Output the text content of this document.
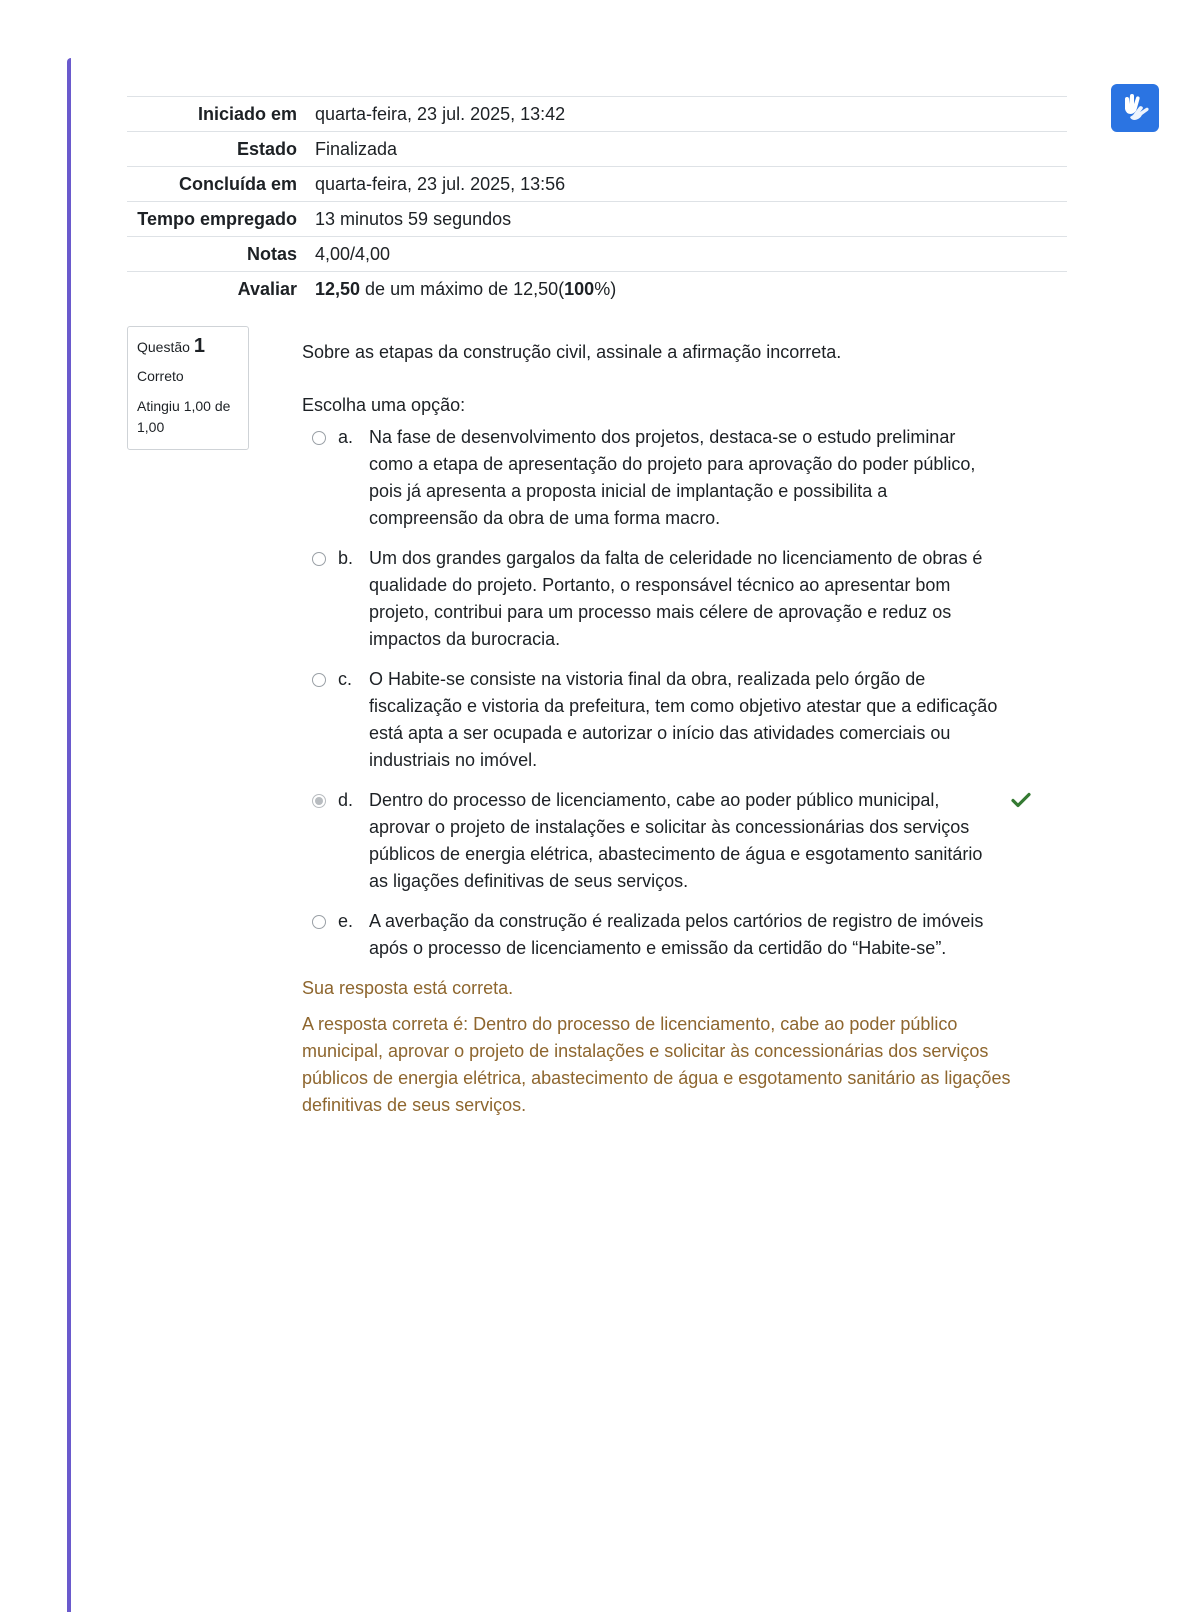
Iniciado em	quarta-feira, 23 jul. 2025, 13:42
Estado	Finalizada
Concluída em	quarta-feira, 23 jul. 2025, 13:56
Tempo empregado	13 minutos 59 segundos
Notas	4,00/4,00
Avaliar	12,50 de um máximo de 12,50(100%)
Questão 1
Correto
Atingiu 1,00 de 1,00
Sobre as etapas da construção civil, assinale a afirmação incorreta.
Escolha uma opção:
a. Na fase de desenvolvimento dos projetos, destaca-se o estudo preliminar como a etapa de apresentação do projeto para aprovação do poder público, pois já apresenta a proposta inicial de implantação e possibilita a compreensão da obra de uma forma macro.
b. Um dos grandes gargalos da falta de celeridade no licenciamento de obras é qualidade do projeto. Portanto, o responsável técnico ao apresentar bom projeto, contribui para um processo mais célere de aprovação e reduz os impactos da burocracia.
c. O Habite-se consiste na vistoria final da obra, realizada pelo órgão de fiscalização e vistoria da prefeitura, tem como objetivo atestar que a edificação está apta a ser ocupada e autorizar o início das atividades comerciais ou industriais no imóvel.
d. Dentro do processo de licenciamento, cabe ao poder público municipal, aprovar o projeto de instalações e solicitar às concessionárias dos serviços públicos de energia elétrica, abastecimento de água e esgotamento sanitário as ligações definitivas de seus serviços.
e. A averbação da construção é realizada pelos cartórios de registro de imóveis após o processo de licenciamento e emissão da certidão do “Habite-se”.
Sua resposta está correta.
A resposta correta é: Dentro do processo de licenciamento, cabe ao poder público municipal, aprovar o projeto de instalações e solicitar às concessionárias dos serviços públicos de energia elétrica, abastecimento de água e esgotamento sanitário as ligações definitivas de seus serviços.
